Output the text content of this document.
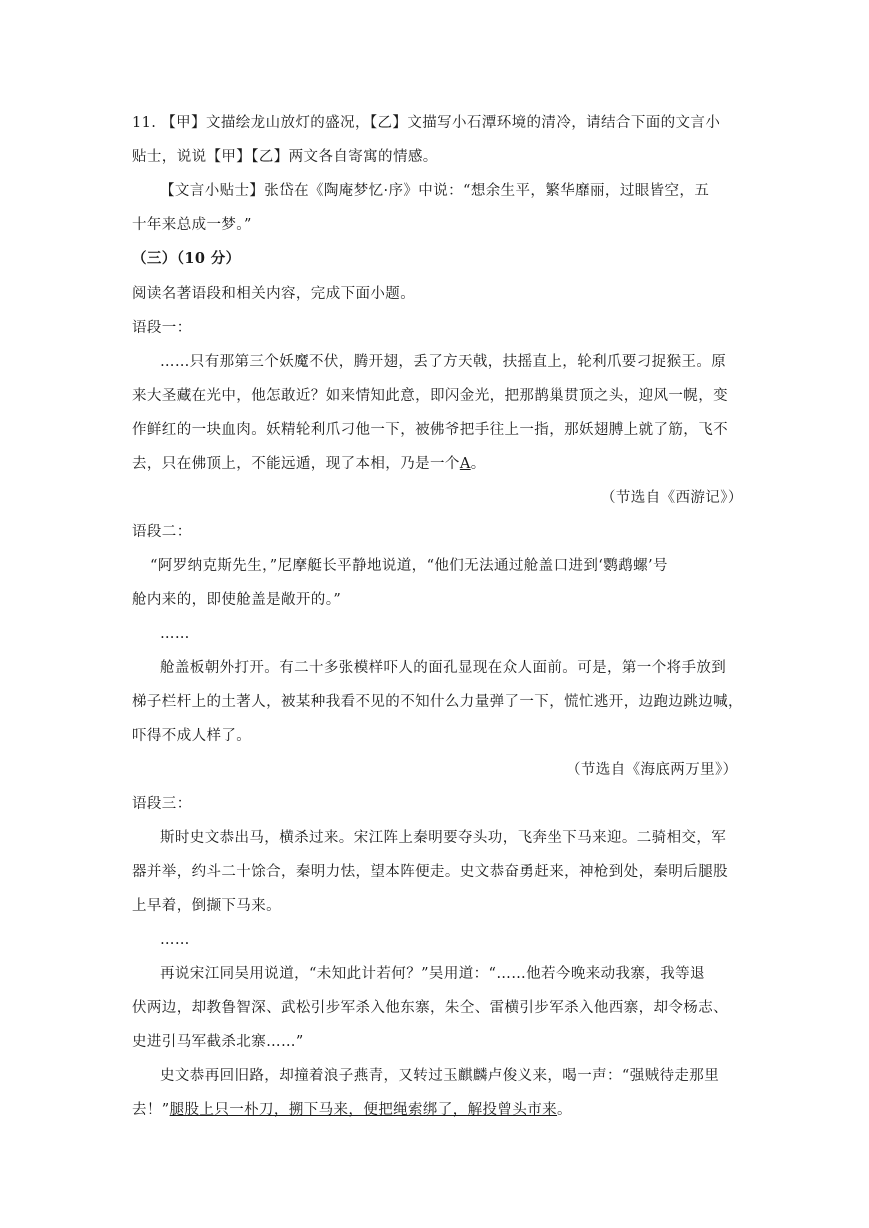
11. 【甲】文描绘龙山放灯的盛况，【乙】文描写小石潭环境的清冷，请结合下面的文言小
贴士，说说【甲】【乙】两文各自寄寓的情感。
【文言小贴士】张岱在《陶庵梦忆·序》中说：“想余生平，繁华靡丽，过眼皆空，五
十年来总成一梦。”
（三）（10 分）
阅读名著语段和相关内容，完成下面小题。
语段一：
……只有那第三个妖魔不伏，腾开翅，丢了方天戟，扶摇直上，轮利爪要刁捉猴王。原
来大圣藏在光中，他怎敢近？如来情知此意，即闪金光，把那鹊巢贯顶之头，迎风一幌，变
作鲜红的一块血肉。妖精轮利爪刁他一下，被佛爷把手往上一指，那妖翅膊上就了筋，飞不
去，只在佛顶上，不能远遁，现了本相，乃是一个A。
（节选自《西游记》）
语段二：
“阿罗纳克斯先生，”尼摩艇长平静地说道，“他们无法通过舱盖口进到‘鹦鹉螺’号
舱内来的，即使舱盖是敞开的。”
……
舱盖板朝外打开。有二十多张模样吓人的面孔显现在众人面前。可是，第一个将手放到
梯子栏杆上的土著人，被某种我看不见的不知什么力量弹了一下，慌忙逃开，边跑边跳边喊，
吓得不成人样了。
（节选自《海底两万里》）
语段三：
斯时史文恭出马，横杀过来。宋江阵上秦明要夺头功，飞奔坐下马来迎。二骑相交，军
器并举，约斗二十馀合，秦明力怯，望本阵便走。史文恭奋勇赶来，神枪到处，秦明后腿股
上早着，倒撷下马来。
……
再说宋江同吴用说道，“未知此计若何？”吴用道：“……他若今晚来动我寨，我等退
伏两边，却教鲁智深、武松引步军杀入他东寨，朱仝、雷横引步军杀入他西寨，却令杨志、
史进引马军截杀北寨……”
史文恭再回旧路，却撞着浪子燕青，又转过玉麒麟卢俊义来，喝一声：“强贼待走那里
去！”腿股上只一朴刀，搠下马来，便把绳索绑了，解投曾头市来。
